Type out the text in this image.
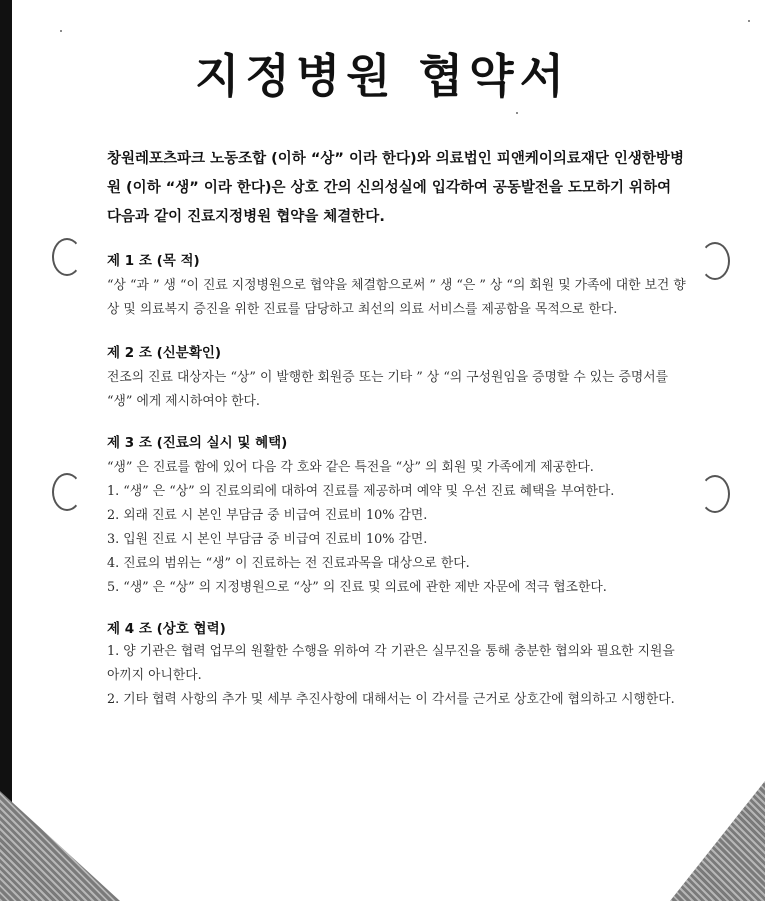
지정병원 협약서

창원레포츠파크 노동조합 (이하 “상” 이라 한다)와 의료법인 피앤케이의료재단 인생한방병원 (이하 “생” 이라 한다)은 상호 간의 신의성실에 입각하여 공동발전을 도모하기 위하여 다음과 같이 진료지정병원 협약을 체결한다.

제 1 조 (목 적)

“상 “과 ” 생 “이 진료 지정병원으로 협약을 체결함으로써 ” 생 “은 ” 상 “의 회원 및 가족에 대한 보건 향상 및 의료복지 증진을 위한 진료를 담당하고 최선의 의료 서비스를 제공함을 목적으로 한다.

제 2 조 (신분확인)

전조의 진료 대상자는 “상” 이 발행한 회원증 또는 기타 ” 상 “의 구성원임을 증명할 수 있는 증명서를 “생” 에게 제시하여야 한다.

제 3 조 (진료의 실시 및 혜택)

“생” 은 진료를 함에 있어 다음 각 호와 같은 특전을 “상” 의 회원 및 가족에게 제공한다.

1. “생” 은 “상” 의 진료의뢰에 대하여 진료를 제공하며 예약 및 우선 진료 혜택을 부여한다.
2. 외래 진료 시 본인 부담금 중 비급여 진료비 10% 감면.
3. 입원 진료 시 본인 부담금 중 비급여 진료비 10% 감면.
4. 진료의 범위는 “생” 이 진료하는 전 진료과목을 대상으로 한다.
5. “생” 은 “상” 의 지정병원으로 “상” 의 진료 및 의료에 관한 제반 자문에 적극 협조한다.
제 4 조 (상호 협력)
1. 양 기관은 협력 업무의 원활한 수행을 위하여 각 기관은 실무진을 통해 충분한 협의와 필요한 지원을 아끼지 아니한다.
2. 기타 협력 사항의 추가 및 세부 추진사항에 대해서는 이 각서를 근거로 상호간에 협의하고 시행한다.
